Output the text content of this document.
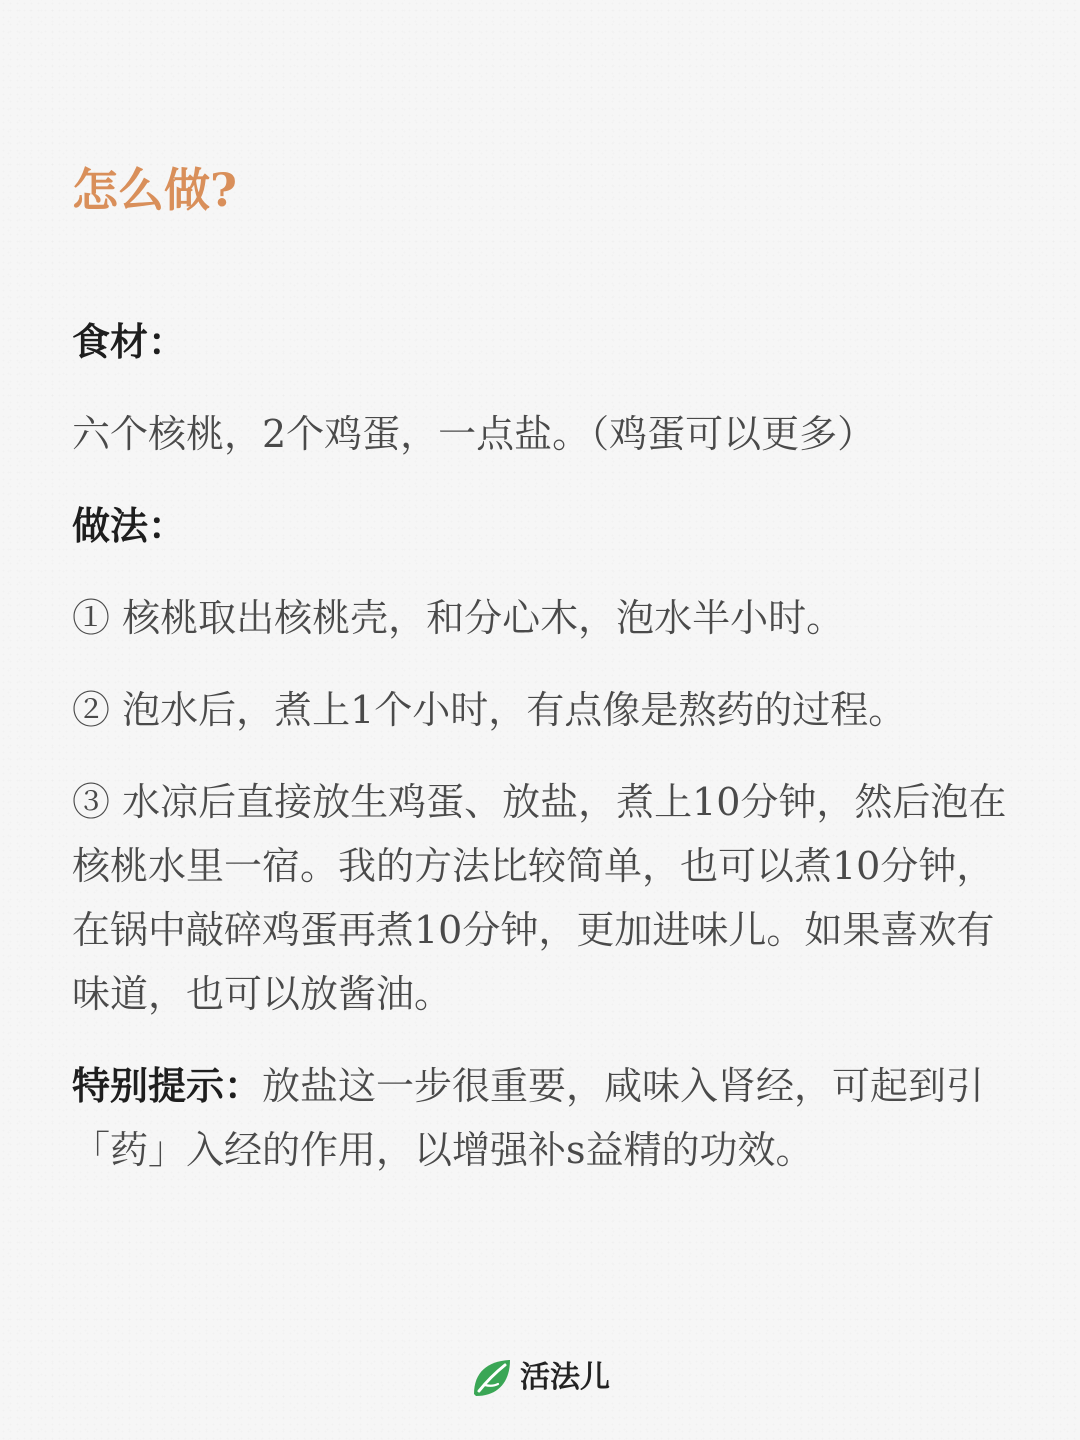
怎么做?

食材：

六个核桃，2个鸡蛋，一点盐。（鸡蛋可以更多）

做法：

① 核桃取出核桃壳，和分心木，泡水半小时。

② 泡水后，煮上1个小时，有点像是熬药的过程。

③ 水凉后直接放生鸡蛋、放盐，煮上10分钟，然后泡在核桃水里一宿。我的方法比较简单，也可以煮10分钟，在锅中敲碎鸡蛋再煮10分钟，更加进味儿。如果喜欢有味道，也可以放酱油。

特别提示：放盐这一步很重要，咸味入肾经，可起到引「药」入经的作用，以增强补s益精的功效。

活法儿
